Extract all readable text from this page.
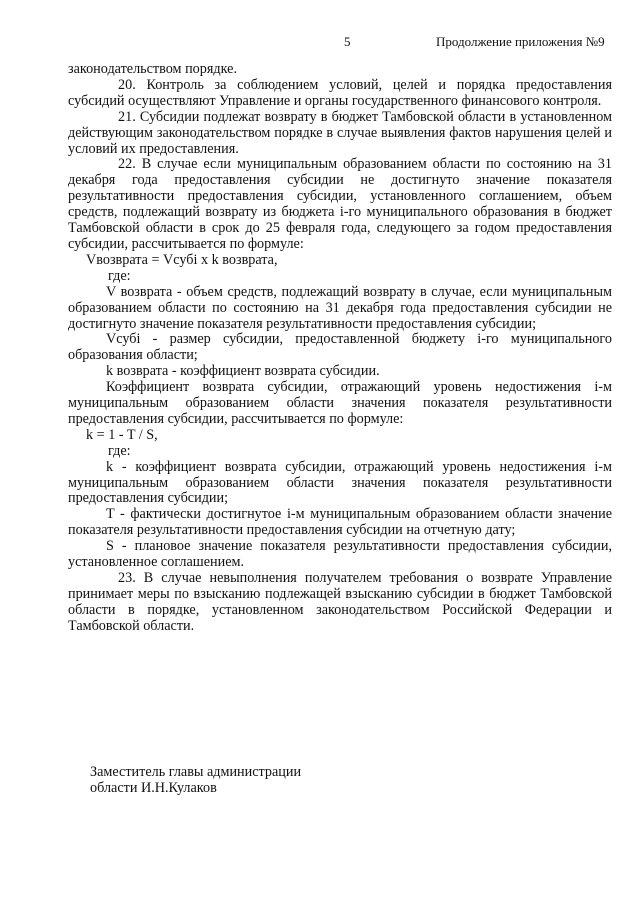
5	Продолжение приложения №9

законодательством порядке.

20. Контроль за соблюдением условий, целей и порядка предоставления субсидий осуществляют Управление и органы государственного финансового контроля.

21. Субсидии подлежат возврату в бюджет Тамбовской области в установленном действующим законодательством порядке в случае выявления фактов нарушения целей и условий их предоставления.

22. В случае если муниципальным образованием области по состоянию на 31 декабря года предоставления субсидии не достигнуто значение показателя результативности предоставления субсидии, установленного соглашением, объем средств, подлежащий возврату из бюджета i-го муниципального образования в бюджет Тамбовской области в срок до 25 февраля года, следующего за годом предоставления субсидии, рассчитывается по формуле:

Vвозврата = Vсубi x k возврата,

где:

V возврата - объем средств, подлежащий возврату в случае, если муниципальным образованием области по состоянию на 31 декабря года предоставления субсидии не достигнуто значение показателя результативности предоставления субсидии;

Vсубi - размер субсидии, предоставленной бюджету i-го муниципального образования области;

k возврата - коэффициент возврата субсидии.

Коэффициент возврата субсидии, отражающий уровень недостижения i-м муниципальным образованием области значения показателя результативности предоставления субсидии, рассчитывается по формуле:

k = 1 - T / S,

где:

k - коэффициент возврата субсидии, отражающий уровень недостижения i-м муниципальным образованием области значения показателя результативности предоставления субсидии;

T - фактически достигнутое i-м муниципальным образованием области значение показателя результативности предоставления субсидии на отчетную дату;

S - плановое значение показателя результативности предоставления субсидии, установленное соглашением.

23. В случае невыполнения получателем требования о возврате Управление принимает меры по взысканию подлежащей взысканию субсидии в бюджет Тамбовской области в порядке, установленном законодательством Российской Федерации и Тамбовской области.

Заместитель главы администрации
области И.Н.Кулаков
